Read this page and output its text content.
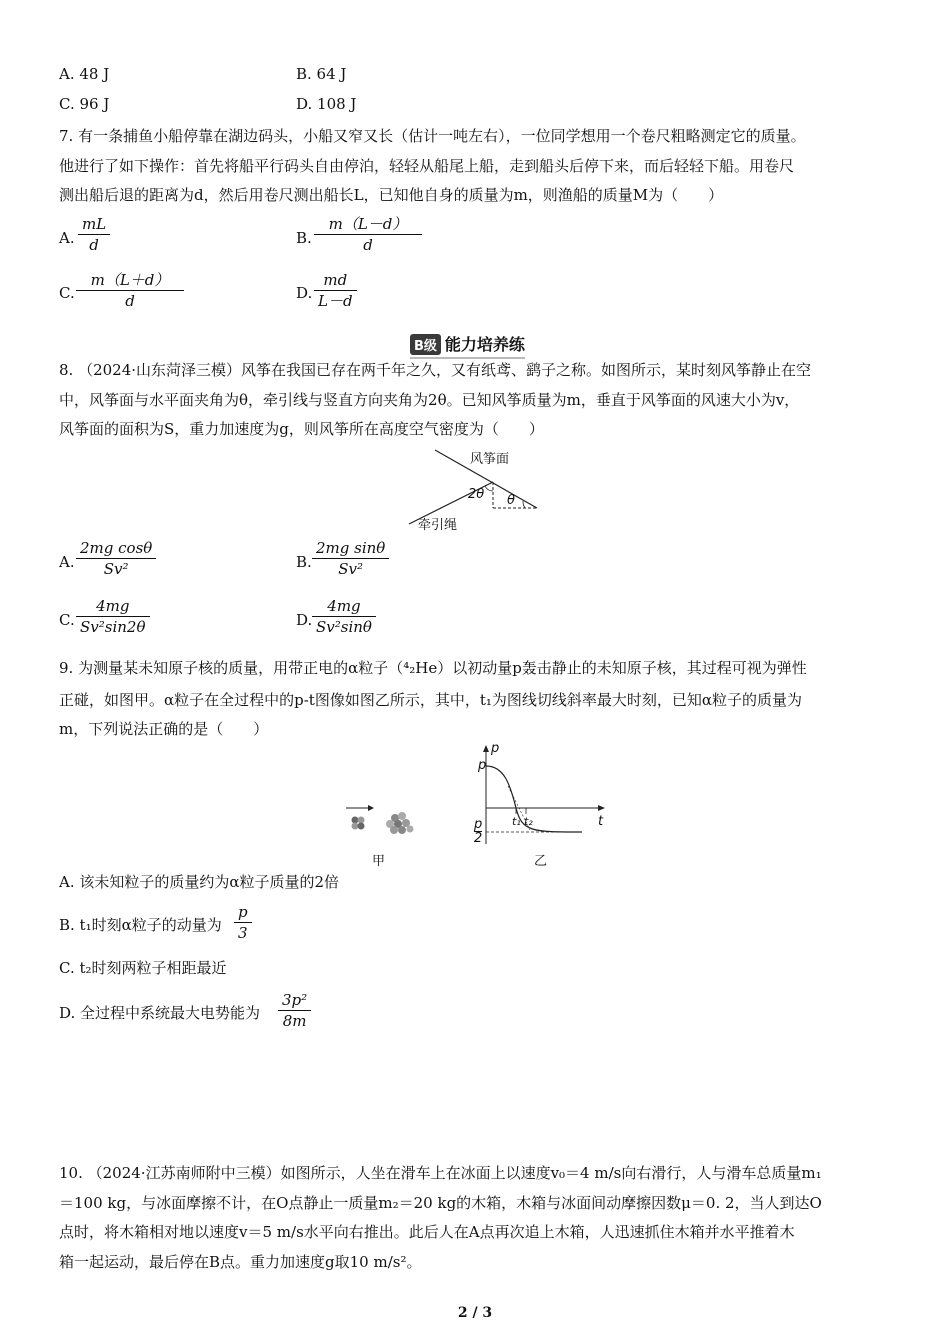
A. 48 J	B. 64 J
C. 96 J	D. 108 J
7. 有一条捕鱼小船停靠在湖边码头，小船又窄又长（估计一吨左右），一位同学想用一个卷尺粗略测定它的质量。
他进行了如下操作：首先将船平行码头自由停泊，轻轻从船尾上船，走到船头后停下来，而后轻轻下船。用卷尺
测出船后退的距离为d，然后用卷尺测出船长L，已知他自身的质量为m，则渔船的质量M为（　　）
A. $\frac{mL}{d}$	B. $\frac{m(L-d)}{d}$
C. $\frac{m(L+d)}{d}$	D. $\frac{md}{L-d}$
B级 能力培养练
8. （2024·山东菏泽三模）风筝在我国已存在两千年之久，又有纸鸢、鹞子之称。如图所示，某时刻风筝静止在空
中，风筝面与水平面夹角为θ，牵引线与竖直方向夹角为2θ。已知风筝质量为m，垂直于风筝面的风速大小为v，
风筝面的面积为S，重力加速度为g，则风筝所在高度空气密度为（　　）
风筝面
牵引绳
2θ θ
A. $\frac{\text{2mg cosθ}}{\text{Sv²}}$	B. $\frac{\text{2mg sinθ}}{\text{Sv²}}$
C. $\frac{4mg}{\text{Sv²sin2θ}}$	D. $\frac{4mg}{\text{Sv²sinθ}}$
9. 为测量某未知原子核的质量，用带正电的α粒子（⁴₂He）以初动量p轰击静止的未知原子核，其过程可视为弹性
正碰，如图甲。α粒子在全过程中的p-t图像如图乙所示，其中，t₁为图线切线斜率最大时刻，已知α粒子的质量为
m，下列说法正确的是（　　）
甲
p
p
t
$\frac{p}{2}$	t₁ t₂
乙
A. 该未知粒子的质量约为α粒子质量的2倍
B. t₁时刻α粒子的动量为 $\frac{p}{3}$
C. t₂时刻两粒子相距最近
D. 全过程中系统最大电势能为 $\frac{\text{3p²}}{8m}$
10. （2024·江苏南师附中三模）如图所示，人坐在滑车上在冰面上以速度v₀＝4 m/s向右滑行，人与滑车总质量m₁
＝100 kg，与冰面摩擦不计，在O点静止一质量m₂＝20 kg的木箱，木箱与冰面间动摩擦因数μ＝0. 2，当人到达O
点时，将木箱相对地以速度v＝5 m/s水平向右推出。此后人在A点再次追上木箱，人迅速抓住木箱并水平推着木
箱一起运动，最后停在B点。重力加速度g取10 m/s²。
2 / 3
